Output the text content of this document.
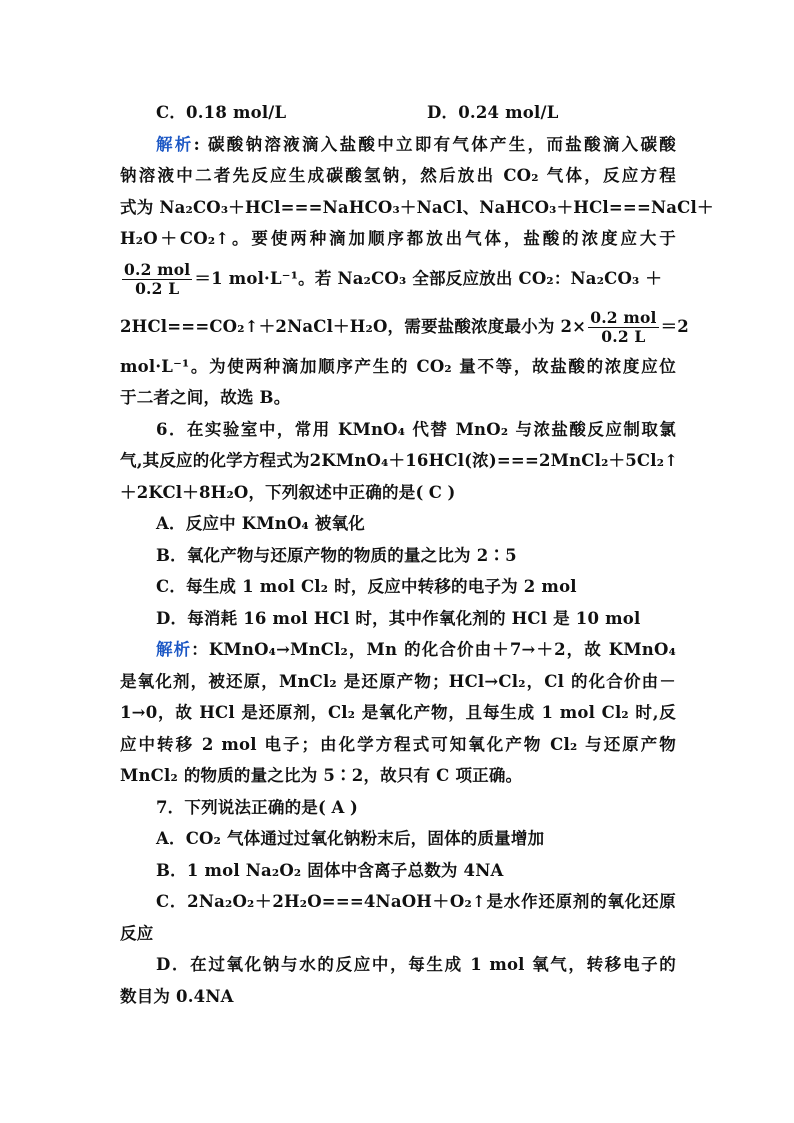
C．0.18 mol/L	D．0.24 mol/L
解析: 碳酸钠溶液滴入盐酸中立即有气体产生，而盐酸滴入碳酸
钠溶液中二者先反应生成碳酸氢钠，然后放出 CO₂ 气体，反应方程
式为 Na₂CO₃＋HCl===NaHCO₃＋NaCl、NaHCO₃＋HCl===NaCl＋
H₂O＋CO₂↑。要使两种滴加顺序都放出气体，盐酸的浓度应大于
$\frac{\text{0.2 mol}}{0.2 L} =1$ mol·L⁻¹。若 Na₂CO₃ 全部反应放出 CO₂：Na₂CO₃ ＋
2HCl===CO₂↑＋2NaCl＋H₂O，需要盐酸浓度最小为 $2\times \frac{\text{0.2 mol}}{0.2 L} =2$
mol·L⁻¹。为使两种滴加顺序产生的 CO₂ 量不等，故盐酸的浓度应位
于二者之间，故选 B。
6．在实验室中，常用 KMnO₄ 代替 MnO₂ 与浓盐酸反应制取氯
气,其反应的化学方程式为2KMnO₄＋16HCl(浓)===2MnCl₂＋5Cl₂↑
＋2KCl＋8H₂O，下列叙述中正确的是( C )
A．反应中 KMnO₄ 被氧化
B．氧化产物与还原产物的物质的量之比为 2∶5
C．每生成 1 mol Cl₂ 时，反应中转移的电子为 2 mol
D．每消耗 16 mol HCl 时，其中作氧化剂的 HCl 是 10 mol
解析：KMnO₄→MnCl₂，Mn 的化合价由＋7→＋2，故 KMnO₄
是氧化剂，被还原，MnCl₂ 是还原产物；HCl→Cl₂，Cl 的化合价由－
1→0，故 HCl 是还原剂，Cl₂ 是氧化产物，且每生成 1 mol Cl₂ 时,反
应中转移 2 mol 电子；由化学方程式可知氧化产物 Cl₂ 与还原产物
MnCl₂ 的物质的量之比为 5∶2，故只有 C 项正确。
7．下列说法正确的是( A )
A．CO₂ 气体通过过氧化钠粉末后，固体的质量增加
B．1 mol Na₂O₂ 固体中含离子总数为 4NA
C．2Na₂O₂＋2H₂O===4NaOH＋O₂↑是水作还原剂的氧化还原
反应
D．在过氧化钠与水的反应中，每生成 1 mol 氧气，转移电子的
数目为 0.4NA
